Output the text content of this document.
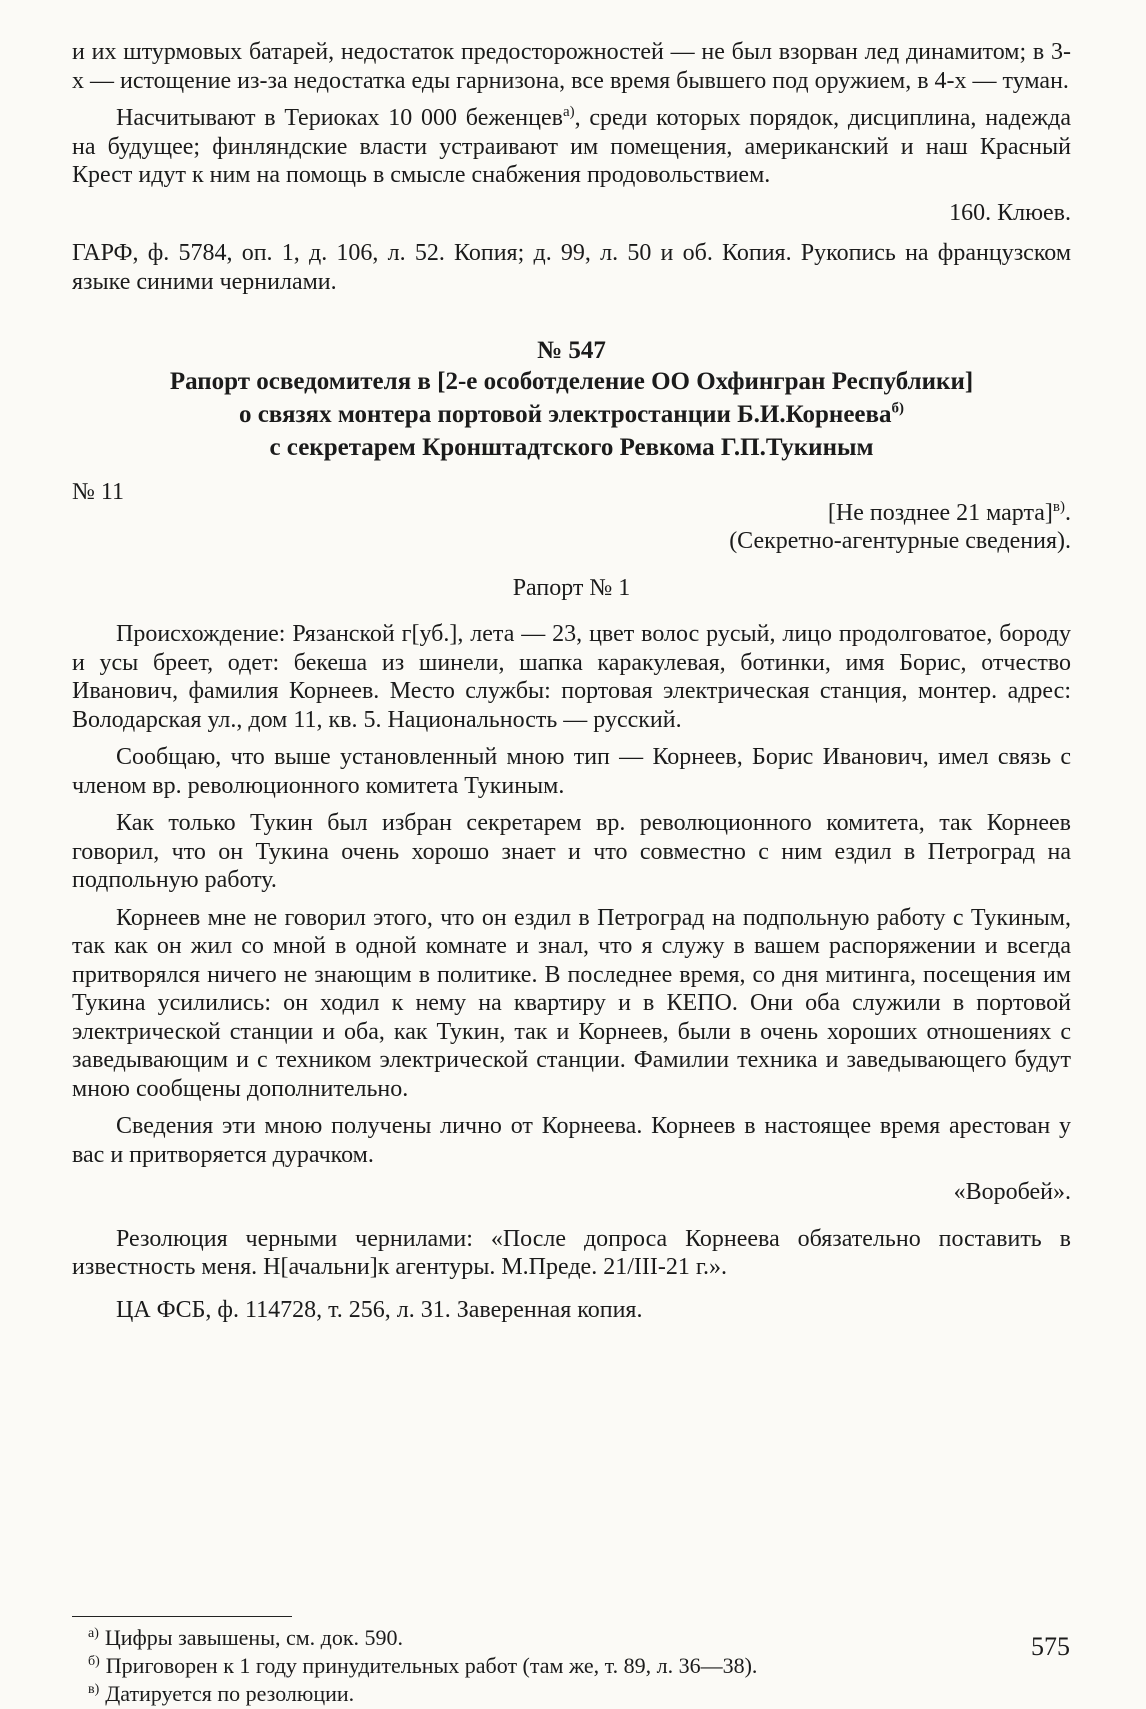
и их штурмовых батарей, недостаток предосторожностей — не был взорван лед динамитом; в 3-х — истощение из-за недостатка еды гарнизона, все время бывшего под оружием, в 4-х — туман.

Насчитывают в Териоках 10 000 беженцев$^{а)}$, среди которых порядок, дисциплина, надежда на будущее; финляндские власти устраивают им помещения, американский и наш Красный Крест идут к ним на помощь в смысле снабжения продовольствием.

160. Клюев.

ГАРФ, ф. 5784, оп. 1, д. 106, л. 52. Копия; д. 99, л. 50 и об. Копия. Рукопись на французском языке синими чернилами.

№ 547
Рапорт осведомителя в [2-е особотделение ОО Охфингран Республики]
о связях монтера портовой электростанции Б.И.Корнеева$^{б)}$
с секретарем Кронштадтского Ревкома Г.П.Тукиным

№ 11

[Не позднее 21 марта]$^{в)}$.

(Секретно-агентурные сведения).

Рапорт № 1

Происхождение: Рязанской г[уб.], лета — 23, цвет волос русый, лицо продолговатое, бороду и усы бреет, одет: бекеша из шинели, шапка каракулевая, ботинки, имя Борис, отчество Иванович, фамилия Корнеев. Место службы: портовая электрическая станция, монтер. адрес: Володарская ул., дом 11, кв. 5. Национальность — русский.

Сообщаю, что выше установленный мною тип — Корнеев, Борис Иванович, имел связь с членом вр. революционного комитета Тукиным.

Как только Тукин был избран секретарем вр. революционного комитета, так Корнеев говорил, что он Тукина очень хорошо знает и что совместно с ним ездил в Петроград на подпольную работу.

Корнеев мне не говорил этого, что он ездил в Петроград на подпольную работу с Тукиным, так как он жил со мной в одной комнате и знал, что я служу в вашем распоряжении и всегда притворялся ничего не знающим в политике. В последнее время, со дня митинга, посещения им Тукина усилились: он ходил к нему на квартиру и в КЕПО. Они оба служили в портовой электрической станции и оба, как Тукин, так и Корнеев, были в очень хороших отношениях с заведывающим и с техником электрической станции. Фамилии техника и заведывающего будут мною сообщены дополнительно.

Сведения эти мною получены лично от Корнеева. Корнеев в настоящее время арестован у вас и притворяется дурачком.

«Воробей».

Резолюция черными чернилами: «После допроса Корнеева обязательно поставить в известность меня. Н[ачальни]к агентуры. М.Преде. 21/III-21 г.».

ЦА ФСБ, ф. 114728, т. 256, л. 31. Заверенная копия.

$^{а)}$ Цифры завышены, см. док. 590.

$^{б)}$ Приговорен к 1 году принудительных работ (там же, т. 89, л. 36—38).

$^{в)}$ Датируется по резолюции.

575
